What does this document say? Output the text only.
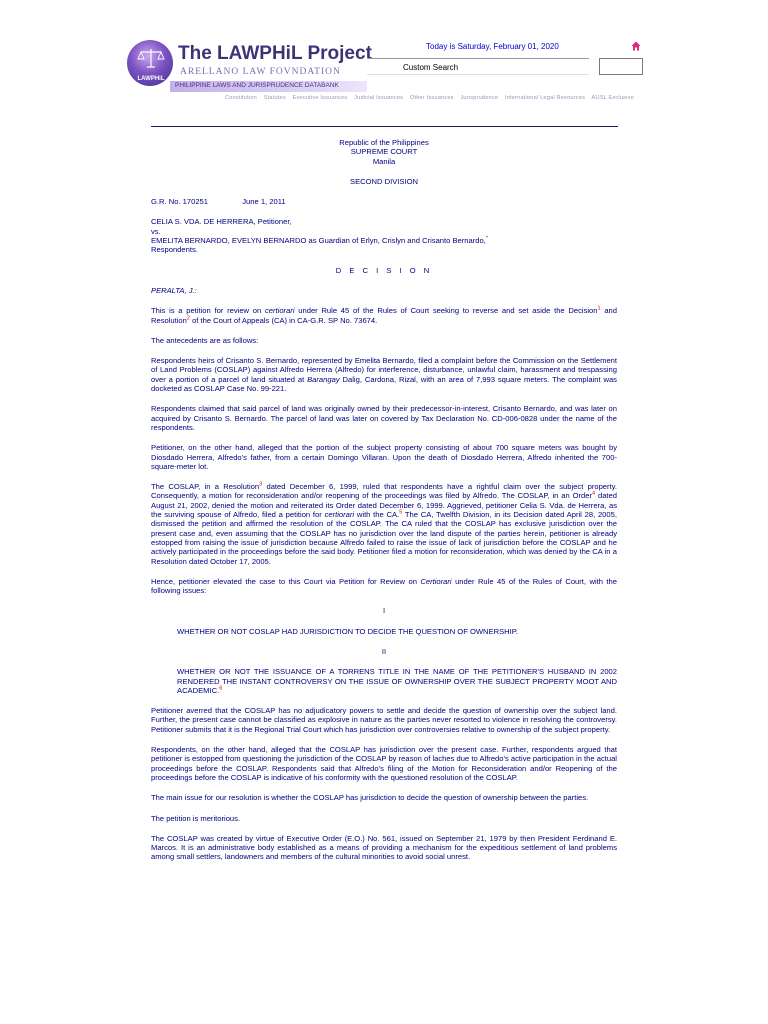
LAWPHiL
The LAWPHiL Project
ARELLANO LAW FOVNDATION
PHILIPPINE LAWS AND JURISPRUDENCE DATABANK
Today is Saturday, February 01, 2020
Custom Search
Constitution Statutes Executive Issuances Judicial Issuances Other Issuances Jurisprudence International Legal Resources AUSL Exclusive
Republic of the Philippines
SUPREME COURT
Manila
SECOND DIVISION
G.R. No. 170251	June 1, 2011
CELIA S. VDA. DE HERRERA, Petitioner,
vs.
EMELITA BERNARDO, EVELYN BERNARDO as Guardian of Erlyn, Crislyn and Crisanto Bernardo,*
Respondents.
D E C I S I O N
PERALTA, J.:

This is a petition for review on certiorari under Rule 45 of the Rules of Court seeking to reverse and set aside the Decision$^1$ and Resolution$^2$ of the Court of Appeals (CA) in CA-G.R. SP No. 73674.

The antecedents are as follows:

Respondents heirs of Crisanto S. Bernardo, represented by Emelita Bernardo, filed a complaint before the Commission on the Settlement of Land Problems (COSLAP) against Alfredo Herrera (Alfredo) for interference, disturbance, unlawful claim, harassment and trespassing over a portion of a parcel of land situated at Barangay Dalig, Cardona, Rizal, with an area of 7,993 square meters. The complaint was docketed as COSLAP Case No. 99-221.

Respondents claimed that said parcel of land was originally owned by their predecessor-in-interest, Crisanto Bernardo, and was later on acquired by Crisanto S. Bernardo. The parcel of land was later on covered by Tax Declaration No. CD-006-0828 under the name of the respondents.

Petitioner, on the other hand, alleged that the portion of the subject property consisting of about 700 square meters was bought by Diosdado Herrera, Alfredo's father, from a certain Domingo Villaran. Upon the death of Diosdado Herrera, Alfredo inherited the 700-square-meter lot.

The COSLAP, in a Resolution$^3$ dated December 6, 1999, ruled that respondents have a rightful claim over the subject property. Consequently, a motion for reconsideration and/or reopening of the proceedings was filed by Alfredo. The COSLAP, in an Order$^4$ dated August 21, 2002, denied the motion and reiterated its Order dated December 6, 1999. Aggrieved, petitioner Celia S. Vda. de Herrera, as the surviving spouse of Alfredo, filed a petition for certiorari with the CA.$^5$ The CA, Twelfth Division, in its Decision dated April 28, 2005, dismissed the petition and affirmed the resolution of the COSLAP. The CA ruled that the COSLAP has exclusive jurisdiction over the present case and, even assuming that the COSLAP has no jurisdiction over the land dispute of the parties herein, petitioner is already estopped from raising the issue of jurisdiction because Alfredo failed to raise the issue of lack of jurisdiction before the COSLAP and he actively participated in the proceedings before the said body. Petitioner filed a motion for reconsideration, which was denied by the CA in a Resolution dated October 17, 2005.

Hence, petitioner elevated the case to this Court via Petition for Review on Certiorari under Rule 45 of the Rules of Court, with the following issues:

I

WHETHER OR NOT COSLAP HAD JURISDICTION TO DECIDE THE QUESTION OF OWNERSHIP.

II

WHETHER OR NOT THE ISSUANCE OF A TORRENS TITLE IN THE NAME OF THE PETITIONER'S HUSBAND IN 2002 RENDERED THE INSTANT CONTROVERSY ON THE ISSUE OF OWNERSHIP OVER THE SUBJECT PROPERTY MOOT AND ACADEMIC.$^6$

Petitioner averred that the COSLAP has no adjudicatory powers to settle and decide the question of ownership over the subject land. Further, the present case cannot be classified as explosive in nature as the parties never resorted to violence in resolving the controversy. Petitioner submits that it is the Regional Trial Court which has jurisdiction over controversies relative to ownership of the subject property.

Respondents, on the other hand, alleged that the COSLAP has jurisdiction over the present case. Further, respondents argued that petitioner is estopped from questioning the jurisdiction of the COSLAP by reason of laches due to Alfredo's active participation in the actual proceedings before the COSLAP. Respondents said that Alfredo's filing of the Motion for Reconsideration and/or Reopening of the proceedings before the COSLAP is indicative of his conformity with the questioned resolution of the COSLAP.

The main issue for our resolution is whether the COSLAP has jurisdiction to decide the question of ownership between the parties.

The petition is meritorious.

The COSLAP was created by virtue of Executive Order (E.O.) No. 561, issued on September 21, 1979 by then President Ferdinand E. Marcos. It is an administrative body established as a means of providing a mechanism for the expeditious settlement of land problems among small settlers, landowners and members of the cultural minorities to avoid social unrest.
